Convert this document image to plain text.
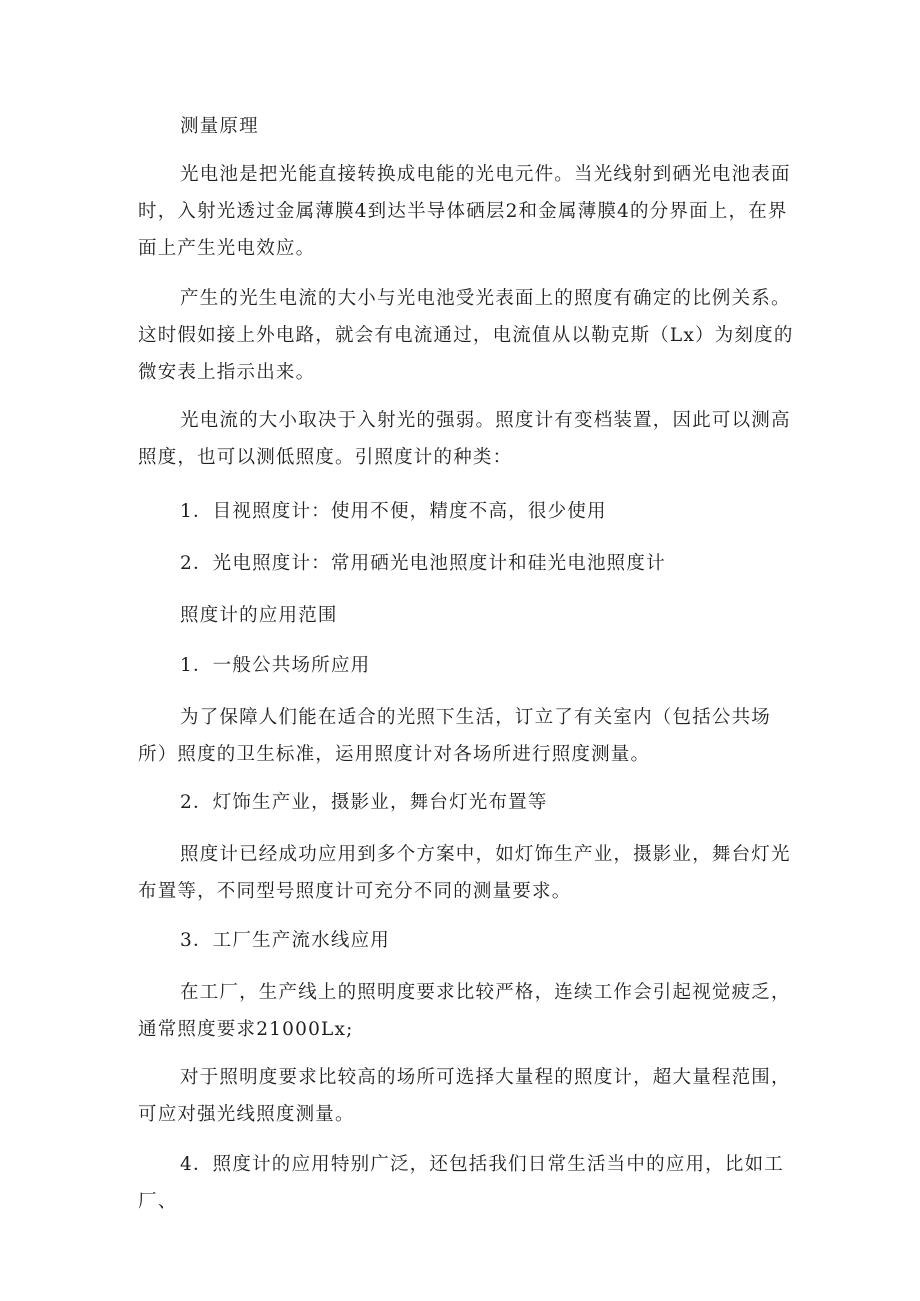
测量原理

光电池是把光能直接转换成电能的光电元件。当光线射到硒光电池表面时，入射光透过金属薄膜4到达半导体硒层2和金属薄膜4的分界面上，在界面上产生光电效应。

产生的光生电流的大小与光电池受光表面上的照度有确定的比例关系。这时假如接上外电路，就会有电流通过，电流值从以勒克斯（Lx）为刻度的微安表上指示出来。

光电流的大小取决于入射光的强弱。照度计有变档装置，因此可以测高照度，也可以测低照度。引照度计的种类：

1．目视照度计：使用不便，精度不高，很少使用

2．光电照度计：常用硒光电池照度计和硅光电池照度计

照度计的应用范围

1．一般公共场所应用

为了保障人们能在适合的光照下生活，订立了有关室内（包括公共场所）照度的卫生标准，运用照度计对各场所进行照度测量。

2．灯饰生产业，摄影业，舞台灯光布置等

照度计已经成功应用到多个方案中，如灯饰生产业，摄影业，舞台灯光布置等，不同型号照度计可充分不同的测量要求。

3．工厂生产流水线应用

在工厂，生产线上的照明度要求比较严格，连续工作会引起视觉疲乏，通常照度要求21000Lx;

对于照明度要求比较高的场所可选择大量程的照度计，超大量程范围，可应对强光线照度测量。

4．照度计的应用特别广泛，还包括我们日常生活当中的应用，比如工厂、
